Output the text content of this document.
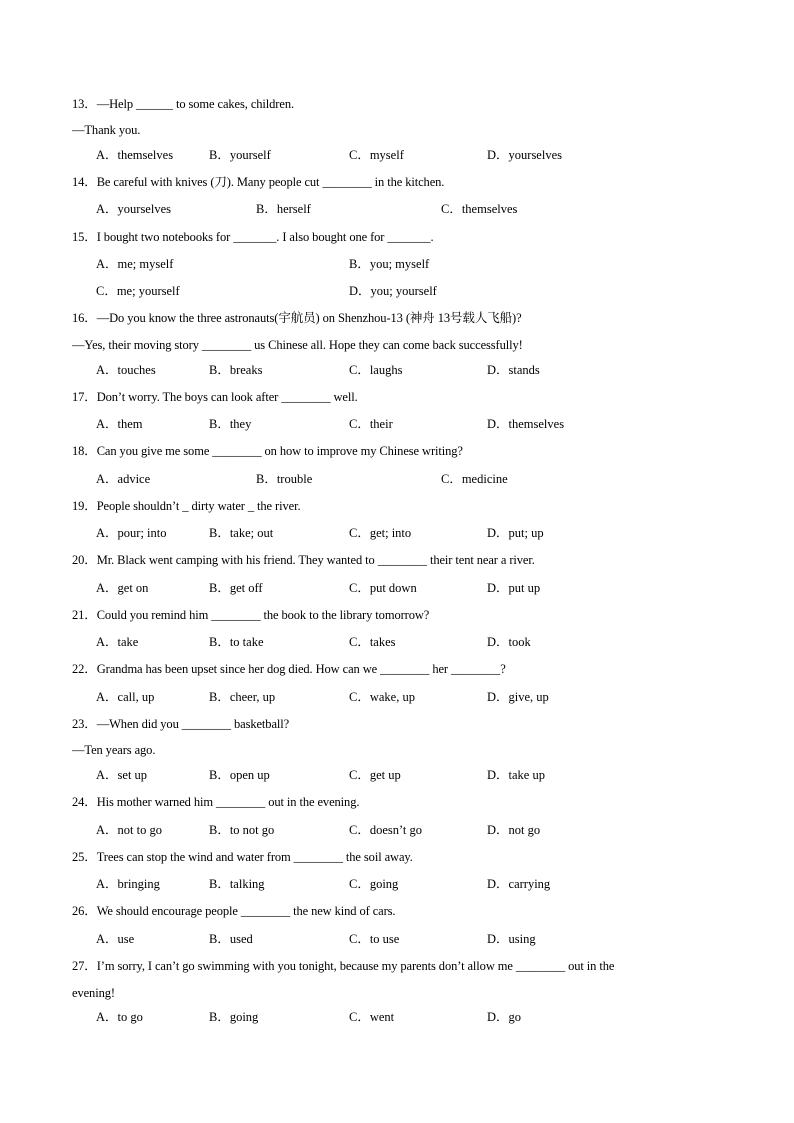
13．—Help ______ to some cakes, children.
—Thank you.
A．themselves	B．yourself	C．myself	D．yourselves
14．Be careful with knives (刀). Many people cut ________ in the kitchen.
A．yourselves	B．herself	C．themselves
15．I bought two notebooks for _______. I also bought one for _______.
A．me; myself	B．you; myself
C．me; yourself	D．you; yourself
16．—Do you know the three astronauts(宇航员) on Shenzhou-13 (神舟 13号载人飞船)?
—Yes, their moving story ________ us Chinese all. Hope they can come back successfully!
A．touches	B．breaks	C．laughs	D．stands
17．Don’t worry. The boys can look after ________ well.
A．them	B．they	C．their	D．themselves
18．Can you give me some ________ on how to improve my Chinese writing?
A．advice	B．trouble	C．medicine
19．People shouldn’t _ dirty water _ the river.
A．pour; into	B．take; out	C．get; into	D．put; up
20．Mr. Black went camping with his friend. They wanted to ________ their tent near a river.
A．get on	B．get off	C．put down	D．put up
21．Could you remind him ________ the book to the library tomorrow?
A．take	B．to take	C．takes	D．took
22．Grandma has been upset since her dog died. How can we ________ her ________?
A．call, up	B．cheer, up	C．wake, up	D．give, up
23．—When did you ________ basketball?
—Ten years ago.
A．set up	B．open up	C．get up	D．take up
24．His mother warned him ________ out in the evening.
A．not to go	B．to not go	C．doesn’t go	D．not go
25．Trees can stop the wind and water from ________ the soil away.
A．bringing	B．talking	C．going	D．carrying
26．We should encourage people ________ the new kind of cars.
A．use	B．used	C．to use	D．using
27．I’m sorry, I can’t go swimming with you tonight, because my parents don’t allow me ________ out in the
evening!
A．to go	B．going	C．went	D．go
